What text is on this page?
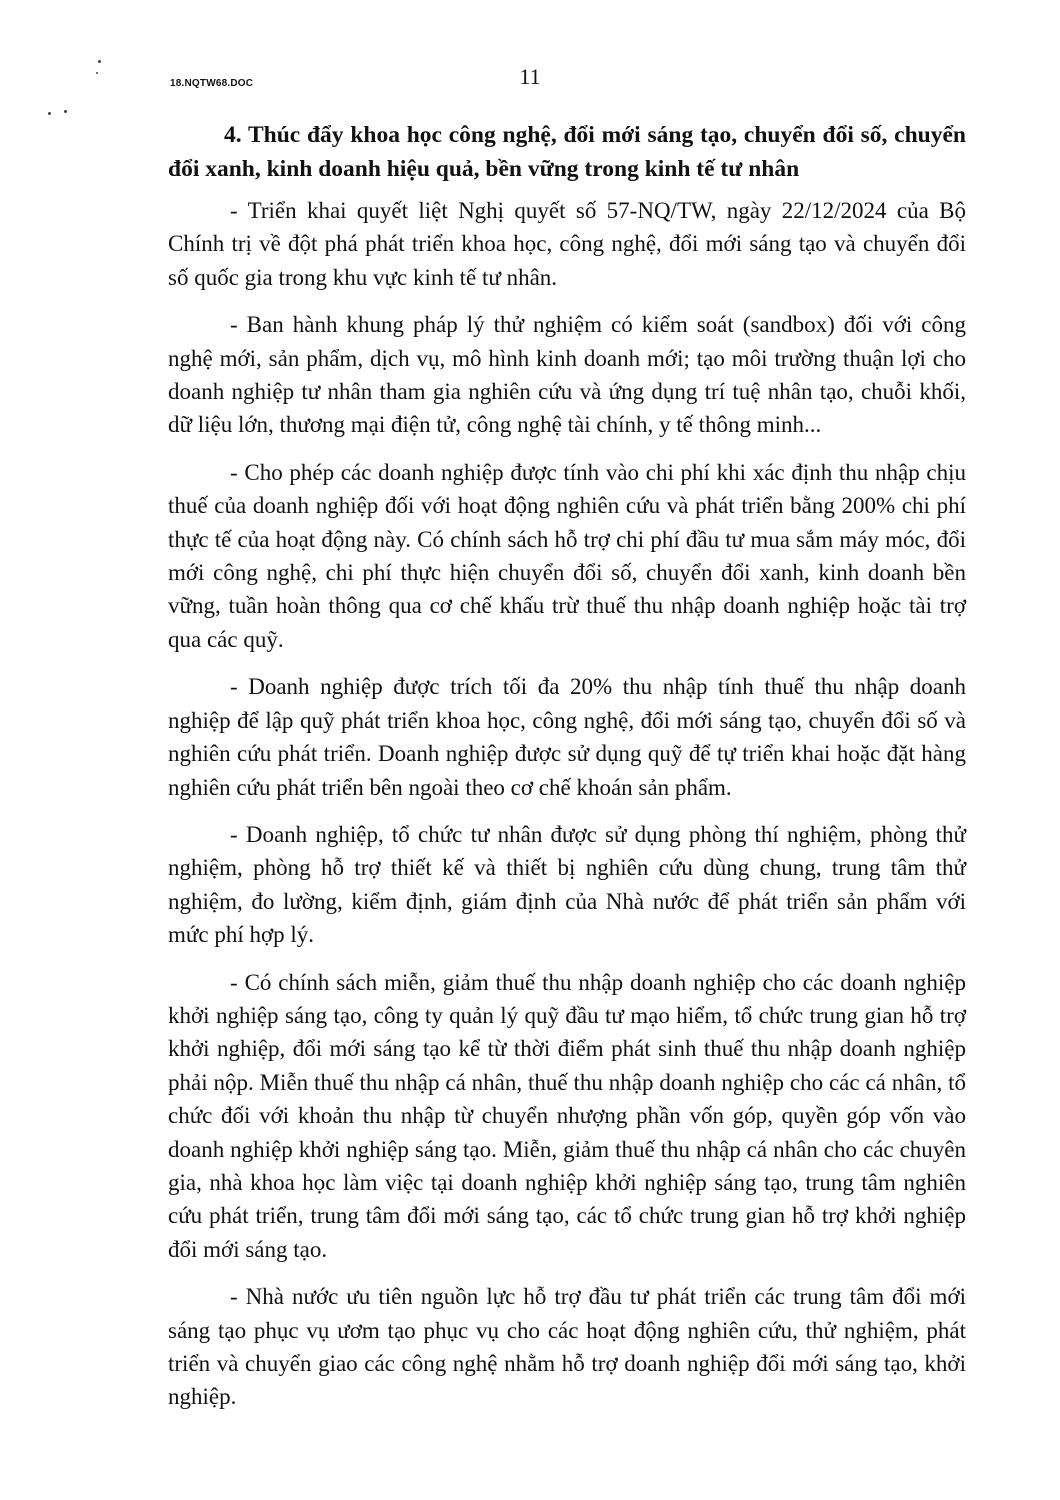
18.NQTW68.DOC	11

4. Thúc đẩy khoa học công nghệ, đổi mới sáng tạo, chuyển đổi số, chuyển đổi xanh, kinh doanh hiệu quả, bền vững trong kinh tế tư nhân

- Triển khai quyết liệt Nghị quyết số 57-NQ/TW, ngày 22/12/2024 của Bộ Chính trị về đột phá phát triển khoa học, công nghệ, đổi mới sáng tạo và chuyển đổi số quốc gia trong khu vực kinh tế tư nhân.

- Ban hành khung pháp lý thử nghiệm có kiểm soát (sandbox) đối với công nghệ mới, sản phẩm, dịch vụ, mô hình kinh doanh mới; tạo môi trường thuận lợi cho doanh nghiệp tư nhân tham gia nghiên cứu và ứng dụng trí tuệ nhân tạo, chuỗi khối, dữ liệu lớn, thương mại điện tử, công nghệ tài chính, y tế thông minh...

- Cho phép các doanh nghiệp được tính vào chi phí khi xác định thu nhập chịu thuế của doanh nghiệp đối với hoạt động nghiên cứu và phát triển bằng 200% chi phí thực tế của hoạt động này. Có chính sách hỗ trợ chi phí đầu tư mua sắm máy móc, đổi mới công nghệ, chi phí thực hiện chuyển đổi số, chuyển đổi xanh, kinh doanh bền vững, tuần hoàn thông qua cơ chế khấu trừ thuế thu nhập doanh nghiệp hoặc tài trợ qua các quỹ.

- Doanh nghiệp được trích tối đa 20% thu nhập tính thuế thu nhập doanh nghiệp để lập quỹ phát triển khoa học, công nghệ, đổi mới sáng tạo, chuyển đổi số và nghiên cứu phát triển. Doanh nghiệp được sử dụng quỹ để tự triển khai hoặc đặt hàng nghiên cứu phát triển bên ngoài theo cơ chế khoán sản phẩm.

- Doanh nghiệp, tổ chức tư nhân được sử dụng phòng thí nghiệm, phòng thử nghiệm, phòng hỗ trợ thiết kế và thiết bị nghiên cứu dùng chung, trung tâm thử nghiệm, đo lường, kiểm định, giám định của Nhà nước để phát triển sản phẩm với mức phí hợp lý.

- Có chính sách miễn, giảm thuế thu nhập doanh nghiệp cho các doanh nghiệp khởi nghiệp sáng tạo, công ty quản lý quỹ đầu tư mạo hiểm, tổ chức trung gian hỗ trợ khởi nghiệp, đổi mới sáng tạo kể từ thời điểm phát sinh thuế thu nhập doanh nghiệp phải nộp. Miễn thuế thu nhập cá nhân, thuế thu nhập doanh nghiệp cho các cá nhân, tổ chức đối với khoản thu nhập từ chuyển nhượng phần vốn góp, quyền góp vốn vào doanh nghiệp khởi nghiệp sáng tạo. Miễn, giảm thuế thu nhập cá nhân cho các chuyên gia, nhà khoa học làm việc tại doanh nghiệp khởi nghiệp sáng tạo, trung tâm nghiên cứu phát triển, trung tâm đổi mới sáng tạo, các tổ chức trung gian hỗ trợ khởi nghiệp đổi mới sáng tạo.

- Nhà nước ưu tiên nguồn lực hỗ trợ đầu tư phát triển các trung tâm đổi mới sáng tạo phục vụ ươm tạo phục vụ cho các hoạt động nghiên cứu, thử nghiệm, phát triển và chuyển giao các công nghệ nhằm hỗ trợ doanh nghiệp đổi mới sáng tạo, khởi nghiệp.
